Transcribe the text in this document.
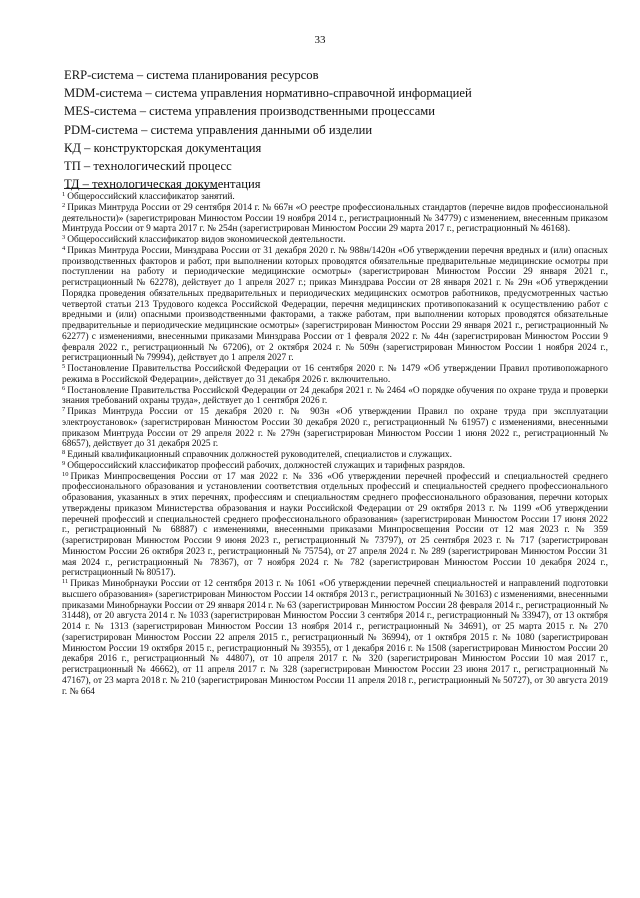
33
ERP-система – система планирования ресурсов
MDM-система – система управления нормативно-справочной информацией
MES-система – система управления производственными процессами
PDM-система – система управления данными об изделии
КД – конструкторская документация
ТП – технологический процесс
ТД – технологическая документация

$^1$ Общероссийский классификатор занятий.

$^2$ Приказ Минтруда России от 29 сентября 2014 г. № 667н «О реестре профессиональных стандартов (перечне видов профессиональной деятельности)» (зарегистрирован Минюстом России 19 ноября 2014 г., регистрационный № 34779) с изменением, внесенным приказом Минтруда России от 9 марта 2017 г. № 254н (зарегистрирован Минюстом России 29 марта 2017 г., регистрационный № 46168).

$^3$ Общероссийский классификатор видов экономической деятельности.

$^4$ Приказ Минтруда России, Минздрава России от 31 декабря 2020 г. № 988н/1420н «Об утверждении перечня вредных и (или) опасных производственных факторов и работ, при выполнении которых проводятся обязательные предварительные медицинские осмотры при поступлении на работу и периодические медицинские осмотры» (зарегистрирован Минюстом России 29 января 2021 г., регистрационный № 62278), действует до 1 апреля 2027 г.; приказ Минздрава России от 28 января 2021 г. № 29н «Об утверждении Порядка проведения обязательных предварительных и периодических медицинских осмотров работников, предусмотренных частью четвертой статьи 213 Трудового кодекса Российской Федерации, перечня медицинских противопоказаний к осуществлению работ с вредными и (или) опасными производственными факторами, а также работам, при выполнении которых проводятся обязательные предварительные и периодические медицинские осмотры» (зарегистрирован Минюстом России 29 января 2021 г., регистрационный № 62277) с изменениями, внесенными приказами Минздрава России от 1 февраля 2022 г. № 44н (зарегистрирован Минюстом России 9 февраля 2022 г., регистрационный № 67206), от 2 октября 2024 г. № 509н (зарегистрирован Минюстом России 1 ноября 2024 г., регистрационный № 79994), действует до 1 апреля 2027 г.

$^5$ Постановление Правительства Российской Федерации от 16 сентября 2020 г. № 1479 «Об утверждении Правил противопожарного режима в Российской Федерации», действует до 31 декабря 2026 г. включительно.

$^6$ Постановление Правительства Российской Федерации от 24 декабря 2021 г. № 2464 «О порядке обучения по охране труда и проверки знания требований охраны труда», действует до 1 сентября 2026 г.

$^7$ Приказ Минтруда России от 15 декабря 2020 г. № 903н «Об утверждении Правил по охране труда при эксплуатации электроустановок» (зарегистрирован Минюстом России 30 декабря 2020 г., регистрационный № 61957) с изменениями, внесенными приказом Минтруда России от 29 апреля 2022 г. № 279н (зарегистрирован Минюстом России 1 июня 2022 г., регистрационный № 68657), действует до 31 декабря 2025 г.

$^8$ Единый квалификационный справочник должностей руководителей, специалистов и служащих.

$^9$ Общероссийский классификатор профессий рабочих, должностей служащих и тарифных разрядов.

$^{10}$ Приказ Минпросвещения России от 17 мая 2022 г. № 336 «Об утверждении перечней профессий и специальностей среднего профессионального образования и установлении соответствия отдельных профессий и специальностей среднего профессионального образования, указанных в этих перечнях, профессиям и специальностям среднего профессионального образования, перечни которых утверждены приказом Министерства образования и науки Российской Федерации от 29 октября 2013 г. № 1199 «Об утверждении перечней профессий и специальностей среднего профессионального образования» (зарегистрирован Минюстом России 17 июня 2022 г., регистрационный № 68887) с изменениями, внесенными приказами Минпросвещения России от 12 мая 2023 г. № 359 (зарегистрирован Минюстом России 9 июня 2023 г., регистрационный № 73797), от 25 сентября 2023 г. № 717 (зарегистрирован Минюстом России 26 октября 2023 г., регистрационный № 75754), от 27 апреля 2024 г. № 289 (зарегистрирован Минюстом России 31 мая 2024 г., регистрационный № 78367), от 7 ноября 2024 г. № 782 (зарегистрирован Минюстом России 10 декабря 2024 г., регистрационный № 80517).

$^{11}$ Приказ Минобрнауки России от 12 сентября 2013 г. № 1061 «Об утверждении перечней специальностей и направлений подготовки высшего образования» (зарегистрирован Минюстом России 14 октября 2013 г., регистрационный № 30163) с изменениями, внесенными приказами Минобрнауки России от 29 января 2014 г. № 63 (зарегистрирован Минюстом России 28 февраля 2014 г., регистрационный № 31448), от 20 августа 2014 г. № 1033 (зарегистрирован Минюстом России 3 сентября 2014 г., регистрационный № 33947), от 13 октября 2014 г. № 1313 (зарегистрирован Минюстом России 13 ноября 2014 г., регистрационный № 34691), от 25 марта 2015 г. № 270 (зарегистрирован Минюстом России 22 апреля 2015 г., регистрационный № 36994), от 1 октября 2015 г. № 1080 (зарегистрирован Минюстом России 19 октября 2015 г., регистрационный № 39355), от 1 декабря 2016 г. № 1508 (зарегистрирован Минюстом России 20 декабря 2016 г., регистрационный № 44807), от 10 апреля 2017 г. № 320 (зарегистрирован Минюстом России 10 мая 2017 г., регистрационный № 46662), от 11 апреля 2017 г. № 328 (зарегистрирован Минюстом России 23 июня 2017 г., регистрационный № 47167), от 23 марта 2018 г. № 210 (зарегистрирован Минюстом России 11 апреля 2018 г., регистрационный № 50727), от 30 августа 2019 г. № 664
